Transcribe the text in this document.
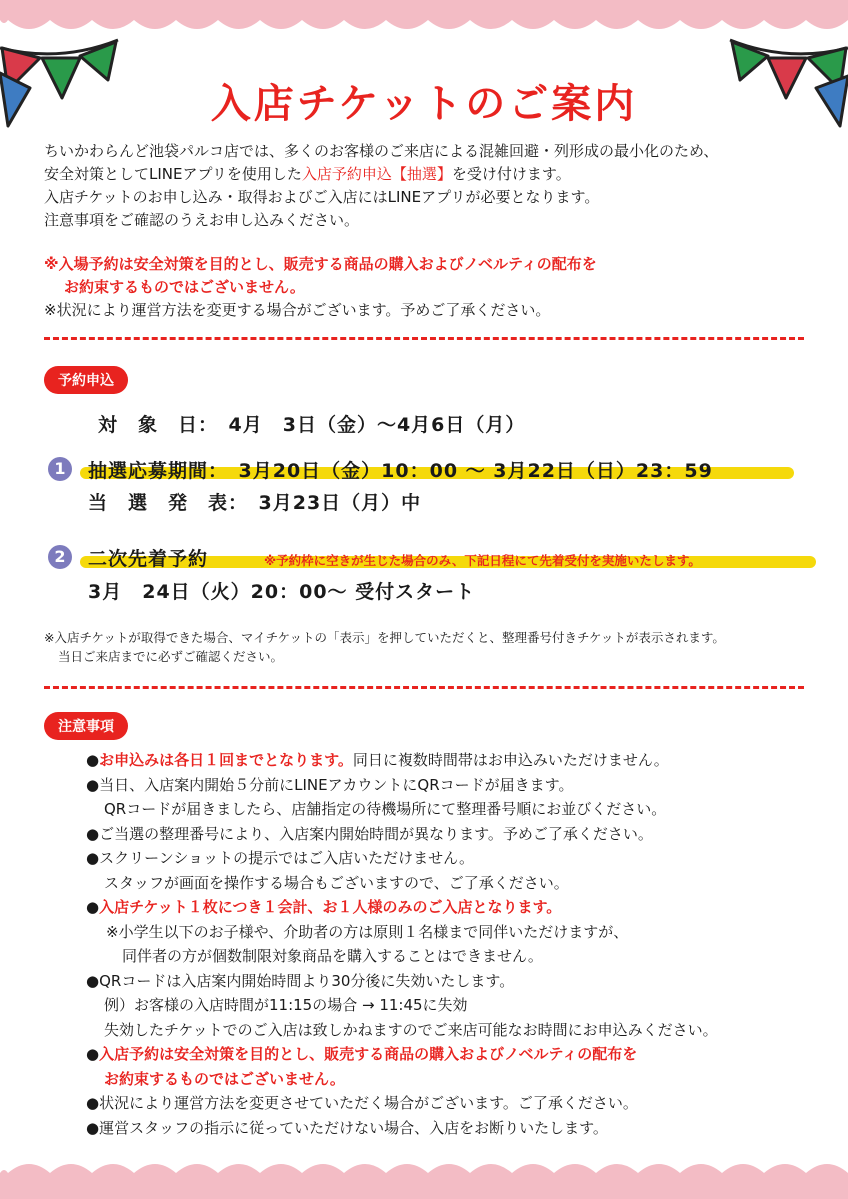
入店チケットのご案内
ちいかわらんど池袋パルコ店では、多くのお客様のご来店による混雑回避・列形成の最小化のため、
安全対策としてLINEアプリを使用した入店予約申込【抽選】を受け付けます。
入店チケットのお申し込み・取得およびご入店にはLINEアプリが必要となります。
注意事項をご確認のうえお申し込みください。
※入場予約は安全対策を目的とし、販売する商品の購入およびノベルティの配布を
お約束するものではございません。
※状況により運営方法を変更する場合がございます。予めご了承ください。
予約申込
対　象　日：　4月　3日（金）〜4月6日（月）
1	抽選応募期間：　3月20日（金）10：00 〜 3月22日（日）23：59
当　選　発　表：　3月23日（月）中
2	二次先着予約	※予約枠に空きが生じた場合のみ、下記日程にて先着受付を実施いたします。
3月　24日（火）20：00〜 受付スタート
※入店チケットが取得できた場合、マイチケットの「表示」を押していただくと、整理番号付きチケットが表示されます。
当日ご来店までに必ずご確認ください。
注意事項
●お申込みは各日１回までとなります。同日に複数時間帯はお申込みいただけません。
●当日、入店案内開始５分前にLINEアカウントにQRコードが届きます。
QRコードが届きましたら、店舗指定の待機場所にて整理番号順にお並びください。
●ご当選の整理番号により、入店案内開始時間が異なります。予めご了承ください。
●スクリーンショットの提示ではご入店いただけません。
スタッフが画面を操作する場合もございますので、ご了承ください。
●入店チケット１枚につき１会計、お１人様のみのご入店となります。
※小学生以下のお子様や、介助者の方は原則１名様まで同伴いただけますが、
同伴者の方が個数制限対象商品を購入することはできません。
●QRコードは入店案内開始時間より30分後に失効いたします。
例）お客様の入店時間が11:15の場合 → 11:45に失効
失効したチケットでのご入店は致しかねますのでご来店可能なお時間にお申込みください。
●入店予約は安全対策を目的とし、販売する商品の購入およびノベルティの配布を
お約束するものではございません。
●状況により運営方法を変更させていただく場合がございます。ご了承ください。
●運営スタッフの指示に従っていただけない場合、入店をお断りいたします。
